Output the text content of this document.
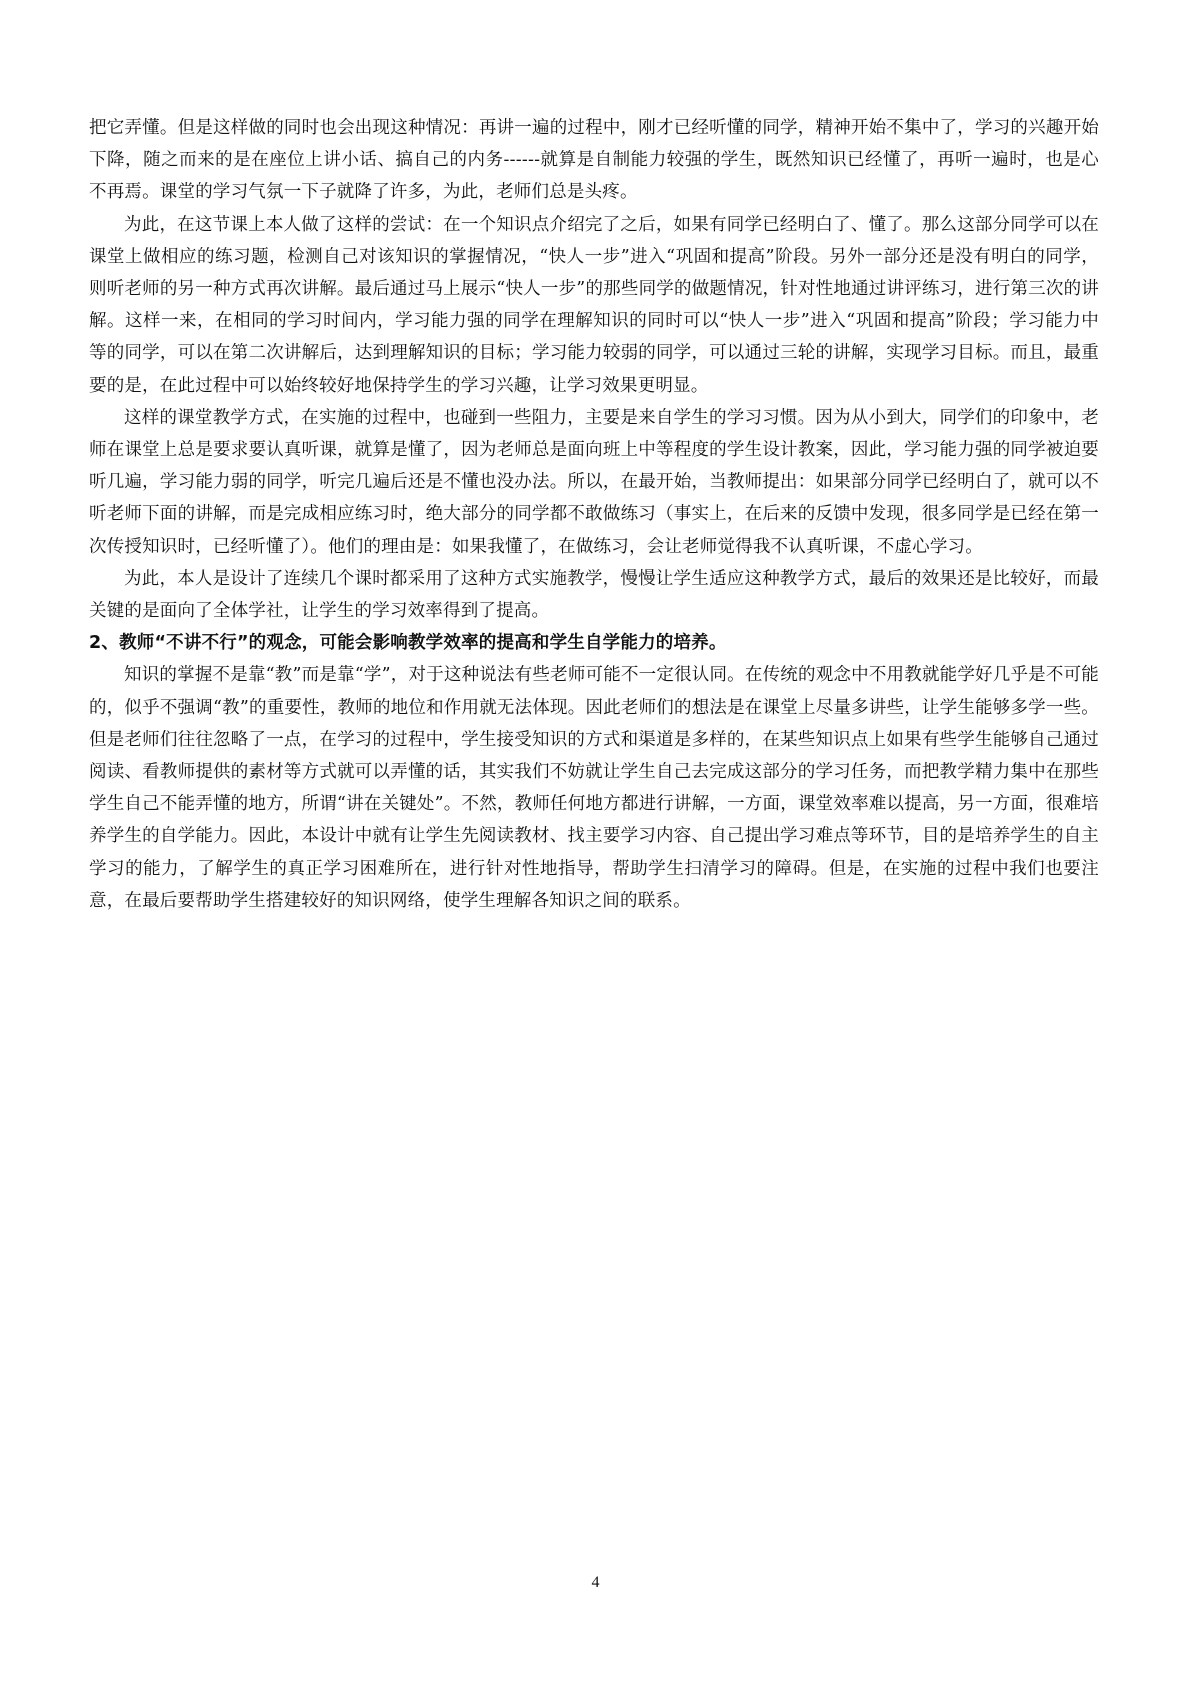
把它弄懂。但是这样做的同时也会出现这种情况：再讲一遍的过程中，刚才已经听懂的同学，精神开始不集中了，学习的兴趣开始下降，随之而来的是在座位上讲小话、搞自己的内务------就算是自制能力较强的学生，既然知识已经懂了，再听一遍时，也是心不再焉。课堂的学习气氛一下子就降了许多，为此，老师们总是头疼。

为此，在这节课上本人做了这样的尝试：在一个知识点介绍完了之后，如果有同学已经明白了、懂了。那么这部分同学可以在课堂上做相应的练习题，检测自己对该知识的掌握情况，“快人一步”进入“巩固和提高”阶段。另外一部分还是没有明白的同学，则听老师的另一种方式再次讲解。最后通过马上展示“快人一步”的那些同学的做题情况，针对性地通过讲评练习，进行第三次的讲解。这样一来，在相同的学习时间内，学习能力强的同学在理解知识的同时可以“快人一步”进入“巩固和提高”阶段；学习能力中等的同学，可以在第二次讲解后，达到理解知识的目标；学习能力较弱的同学，可以通过三轮的讲解，实现学习目标。而且，最重要的是，在此过程中可以始终较好地保持学生的学习兴趣，让学习效果更明显。

这样的课堂教学方式，在实施的过程中，也碰到一些阻力，主要是来自学生的学习习惯。因为从小到大，同学们的印象中，老师在课堂上总是要求要认真听课，就算是懂了，因为老师总是面向班上中等程度的学生设计教案，因此，学习能力强的同学被迫要听几遍，学习能力弱的同学，听完几遍后还是不懂也没办法。所以，在最开始，当教师提出：如果部分同学已经明白了，就可以不听老师下面的讲解，而是完成相应练习时，绝大部分的同学都不敢做练习（事实上，在后来的反馈中发现，很多同学是已经在第一次传授知识时，已经听懂了）。他们的理由是：如果我懂了，在做练习，会让老师觉得我不认真听课，不虚心学习。

为此，本人是设计了连续几个课时都采用了这种方式实施教学，慢慢让学生适应这种教学方式，最后的效果还是比较好，而最关键的是面向了全体学社，让学生的学习效率得到了提高。

2、教师“不讲不行”的观念，可能会影响教学效率的提高和学生自学能力的培养。

知识的掌握不是靠“教”而是靠“学”，对于这种说法有些老师可能不一定很认同。在传统的观念中不用教就能学好几乎是不可能的，似乎不强调“教”的重要性，教师的地位和作用就无法体现。因此老师们的想法是在课堂上尽量多讲些，让学生能够多学一些。但是老师们往往忽略了一点，在学习的过程中，学生接受知识的方式和渠道是多样的，在某些知识点上如果有些学生能够自己通过阅读、看教师提供的素材等方式就可以弄懂的话，其实我们不妨就让学生自己去完成这部分的学习任务，而把教学精力集中在那些学生自己不能弄懂的地方，所谓“讲在关键处”。不然，教师任何地方都进行讲解，一方面，课堂效率难以提高，另一方面，很难培养学生的自学能力。因此，本设计中就有让学生先阅读教材、找主要学习内容、自己提出学习难点等环节，目的是培养学生的自主学习的能力，了解学生的真正学习困难所在，进行针对性地指导，帮助学生扫清学习的障碍。但是，在实施的过程中我们也要注意，在最后要帮助学生搭建较好的知识网络，使学生理解各知识之间的联系。

4
